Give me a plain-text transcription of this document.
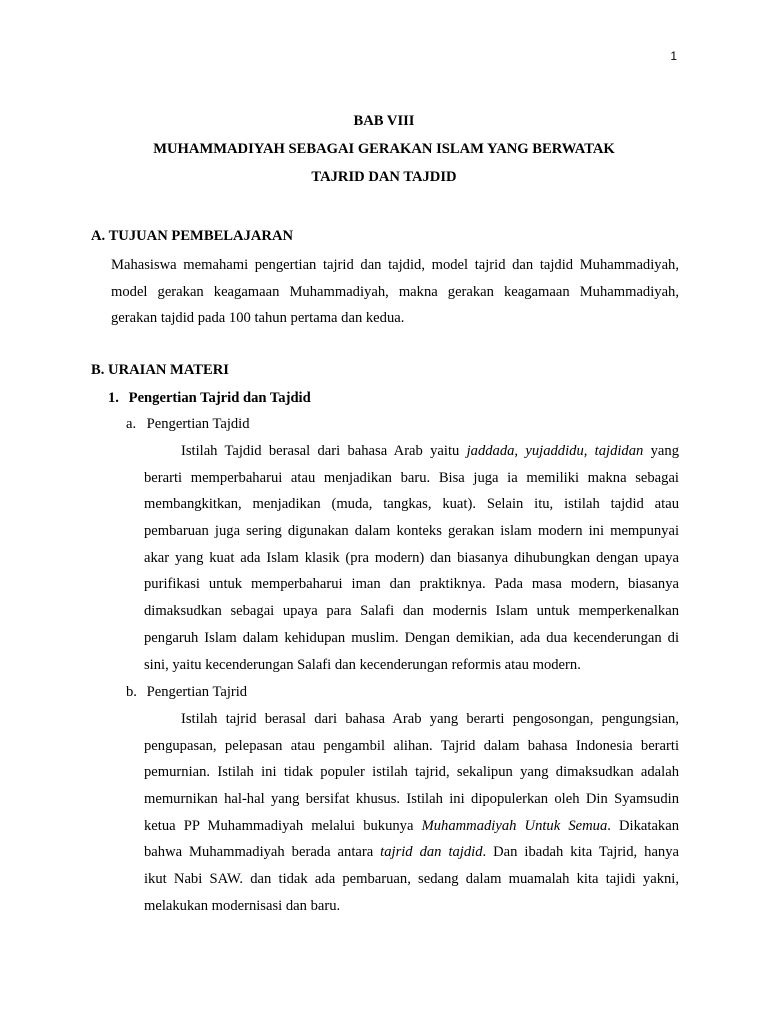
1
BAB VIII
MUHAMMADIYAH SEBAGAI GERAKAN ISLAM YANG BERWATAK
TAJRID DAN TAJDID
A. TUJUAN PEMBELAJARAN

Mahasiswa memahami pengertian tajrid dan tajdid, model tajrid dan tajdid Muhammadiyah,

model gerakan keagamaan Muhammadiyah, makna gerakan keagamaan Muhammadiyah,

gerakan tajdid pada 100 tahun pertama dan kedua.

B. URAIAN MATERI
1. Pengertian Tajrid dan Tajdid
a. Pengertian Tajdid

Istilah Tajdid berasal dari bahasa Arab yaitu jaddada, yujaddidu, tajdidan yang

berarti memperbaharui atau menjadikan baru. Bisa juga ia memiliki makna sebagai

membangkitkan, menjadikan (muda, tangkas, kuat). Selain itu, istilah tajdid atau

pembaruan juga sering digunakan dalam konteks gerakan islam modern ini mempunyai

akar yang kuat ada Islam klasik (pra modern) dan biasanya dihubungkan dengan upaya

purifikasi untuk memperbaharui iman dan praktiknya. Pada masa modern, biasanya

dimaksudkan sebagai upaya para Salafi dan modernis Islam untuk memperkenalkan

pengaruh Islam dalam kehidupan muslim. Dengan demikian, ada dua kecenderungan di

sini, yaitu kecenderungan Salafi dan kecenderungan reformis atau modern.

b. Pengertian Tajrid

Istilah tajrid berasal dari bahasa Arab yang berarti pengosongan, pengungsian,

pengupasan, pelepasan atau pengambil alihan. Tajrid dalam bahasa Indonesia berarti

pemurnian. Istilah ini tidak populer istilah tajrid, sekalipun yang dimaksudkan adalah

memurnikan hal-hal yang bersifat khusus. Istilah ini dipopulerkan oleh Din Syamsudin

ketua PP Muhammadiyah melalui bukunya Muhammadiyah Untuk Semua. Dikatakan

bahwa Muhammadiyah berada antara tajrid dan tajdid. Dan ibadah kita Tajrid, hanya

ikut Nabi SAW. dan tidak ada pembaruan, sedang dalam muamalah kita tajidi yakni,

melakukan modernisasi dan baru.
